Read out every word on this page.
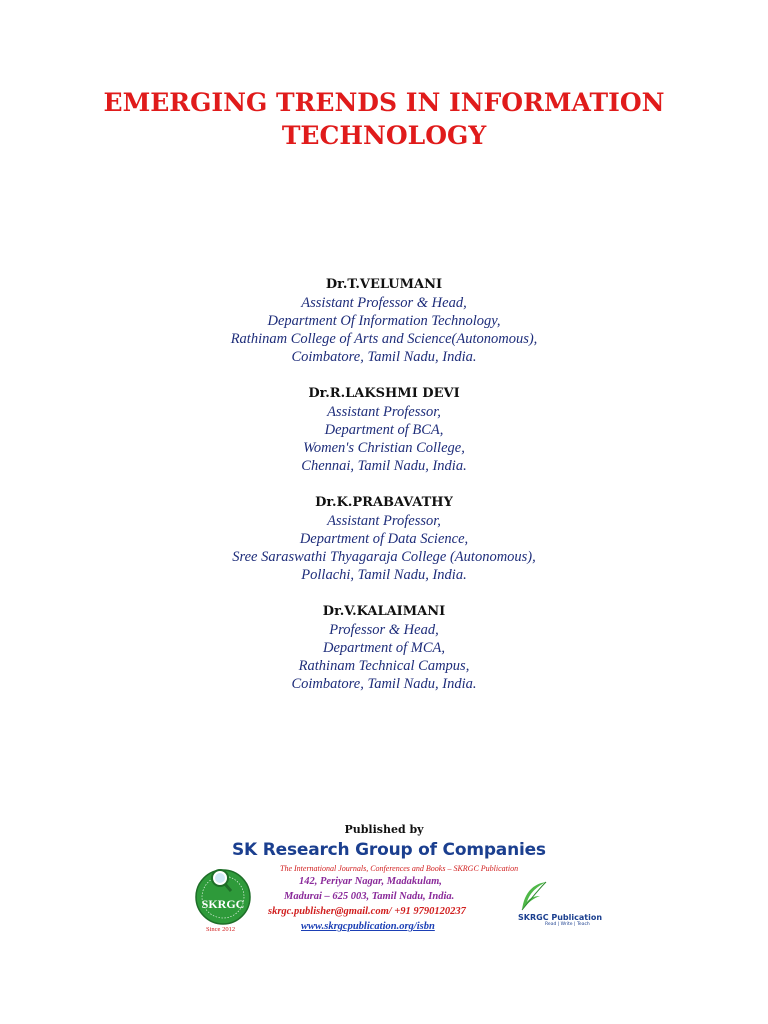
EMERGING TRENDS IN INFORMATION
TECHNOLOGY
Dr.T.VELUMANI
Assistant Professor & Head,
Department Of Information Technology,
Rathinam College of Arts and Science(Autonomous),
Coimbatore, Tamil Nadu, India.
Dr.R.LAKSHMI DEVI
Assistant Professor,
Department of BCA,
Women's Christian College,
Chennai, Tamil Nadu, India.
Dr.K.PRABAVATHY
Assistant Professor,
Department of Data Science,
Sree Saraswathi Thyagaraja College (Autonomous),
Pollachi, Tamil Nadu, India.
Dr.V.KALAIMANI
Professor & Head,
Department of MCA,
Rathinam Technical Campus,
Coimbatore, Tamil Nadu, India.
Published by
SK Research Group of Companies
The International Journals, Conferences and Books – SKRGC Publication
SKRGC
Since 2012
142, Periyar Nagar, Madakulam,
Madurai – 625 003, Tamil Nadu, India.
skrgc.publisher@gmail.com/ +91 9790120237
www.skrgcpublication.org/isbn
SKRGC Publication
Read | Write | Teach
